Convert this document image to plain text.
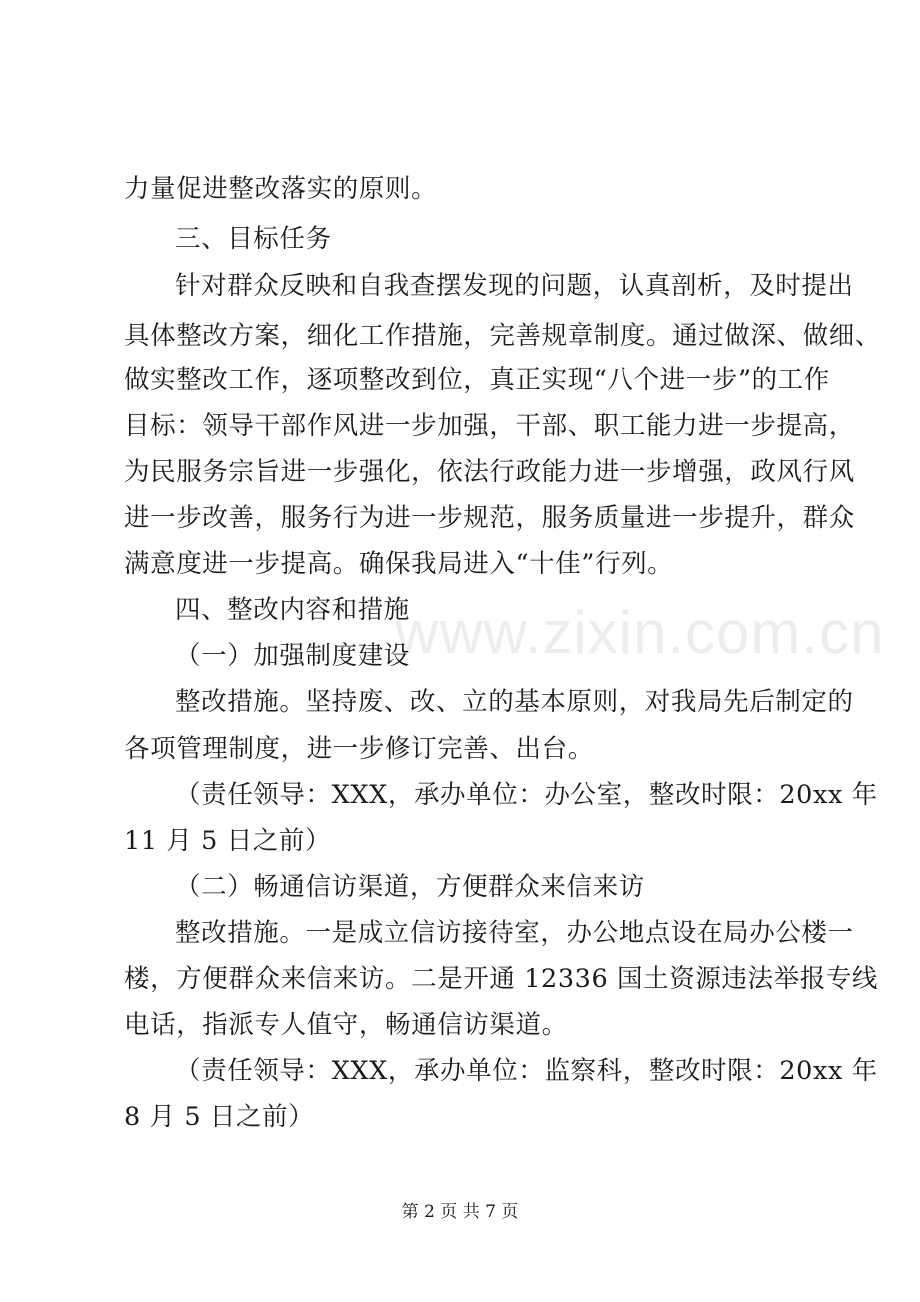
www.zixin.com.cn
力量促进整改落实的原则。
三、目标任务
针对群众反映和自我查摆发现的问题，认真剖析，及时提出
具体整改方案，细化工作措施，完善规章制度。通过做深、做细、
做实整改工作，逐项整改到位，真正实现“八个进一步”的工作
目标：领导干部作风进一步加强，干部、职工能力进一步提高，
为民服务宗旨进一步强化，依法行政能力进一步增强，政风行风
进一步改善，服务行为进一步规范，服务质量进一步提升，群众
满意度进一步提高。确保我局进入“十佳”行列。
四、整改内容和措施
（一）加强制度建设
整改措施。坚持废、改、立的基本原则，对我局先后制定的
各项管理制度，进一步修订完善、出台。
（责任领导：XXX，承办单位：办公室，整改时限：20xx 年
11 月 5 日之前）
（二）畅通信访渠道，方便群众来信来访
整改措施。一是成立信访接待室，办公地点设在局办公楼一
楼，方便群众来信来访。二是开通 12336 国土资源违法举报专线
电话，指派专人值守，畅通信访渠道。
（责任领导：XXX，承办单位：监察科，整改时限：20xx 年
8 月 5 日之前）
第 2 页 共 7 页
